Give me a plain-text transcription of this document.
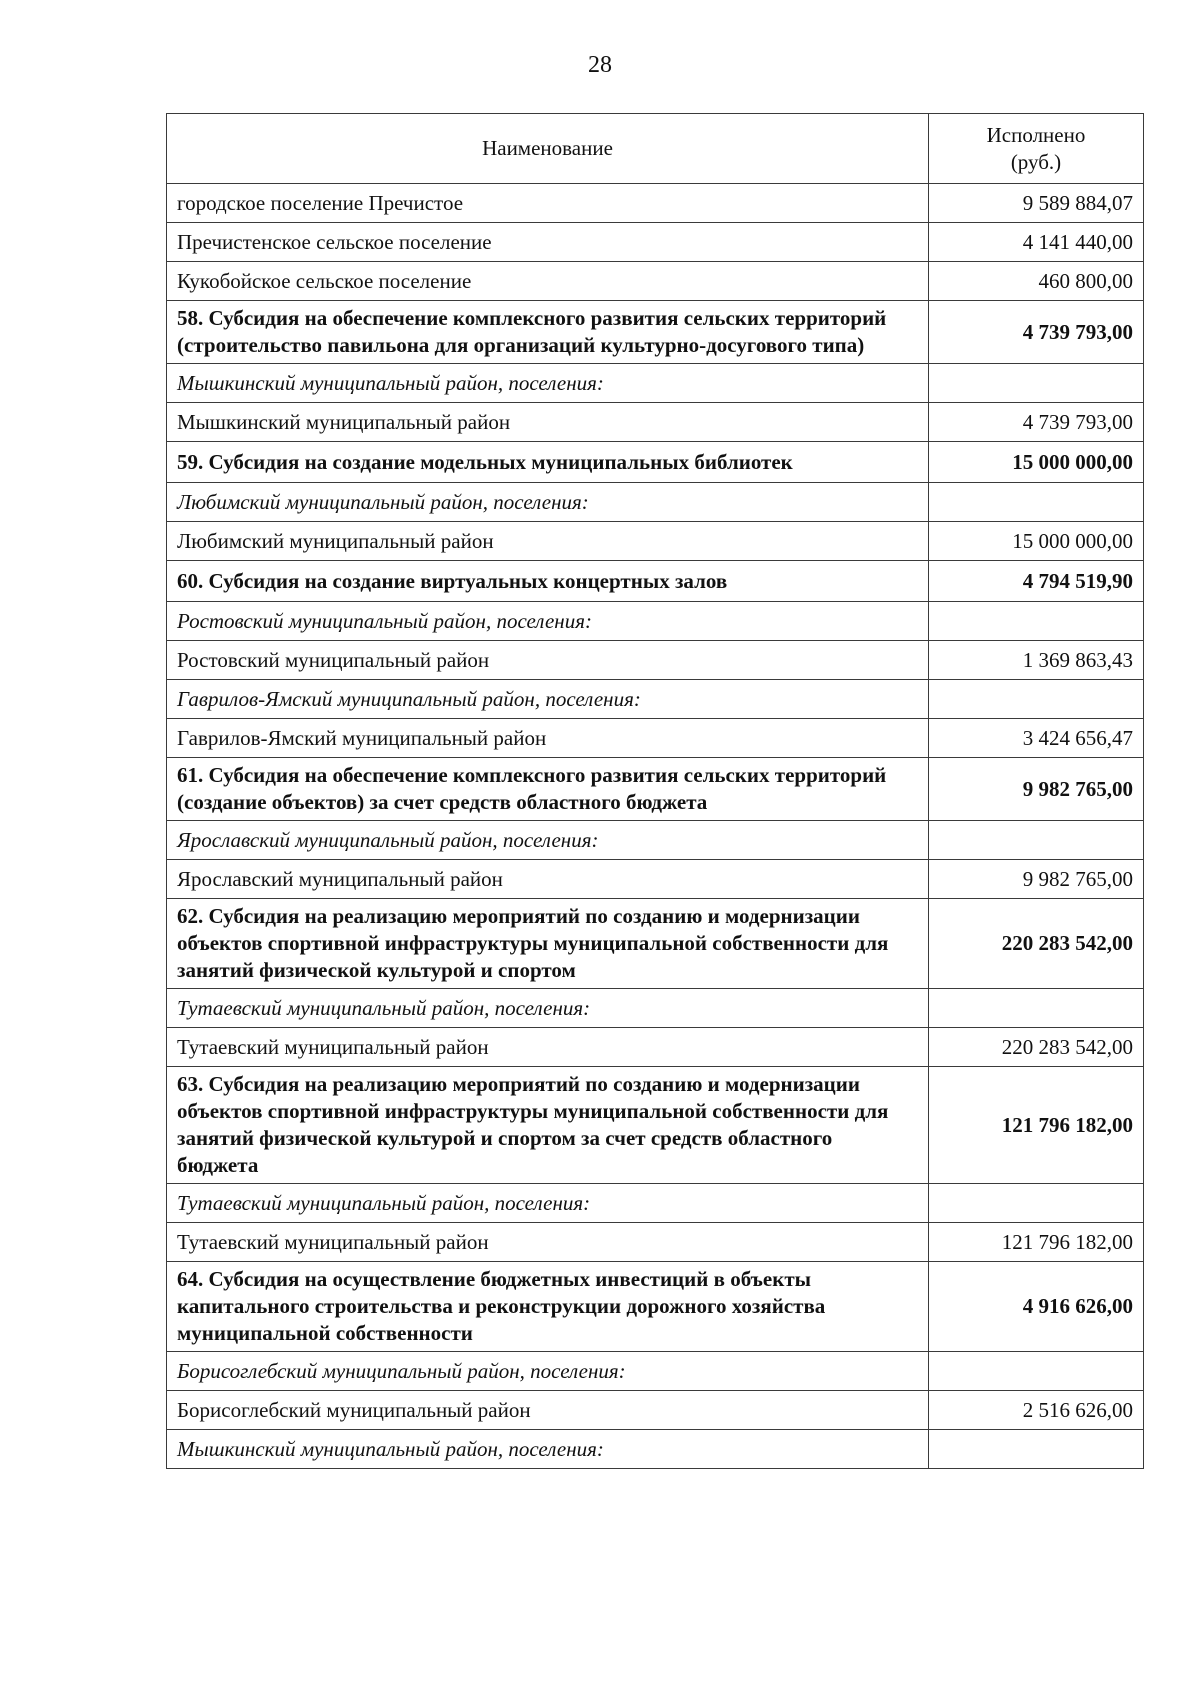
28
Наименование	Исполнено
(руб.)
городское поселение Пречистое	9 589 884,07
Пречистенское сельское поселение	4 141 440,00
Кукобойское сельское поселение	460 800,00
58. Субсидия на обеспечение комплексного развития сельских территорий (строительство павильона для организаций культурно-досугового типа)	4 739 793,00
Мышкинский муниципальный район, поселения:	
Мышкинский муниципальный район	4 739 793,00
59. Субсидия на создание модельных муниципальных библиотек	15 000 000,00
Любимский муниципальный район, поселения:	
Любимский муниципальный район	15 000 000,00
60. Субсидия на создание виртуальных концертных залов	4 794 519,90
Ростовский муниципальный район, поселения:	
Ростовский муниципальный район	1 369 863,43
Гаврилов-Ямский муниципальный район, поселения:	
Гаврилов-Ямский муниципальный район	3 424 656,47
61. Субсидия на обеспечение комплексного развития сельских территорий (создание объектов) за счет средств областного бюджета	9 982 765,00
Ярославский муниципальный район, поселения:	
Ярославский муниципальный район	9 982 765,00
62. Субсидия на реализацию мероприятий по созданию и модернизации объектов спортивной инфраструктуры муниципальной собственности для занятий физической культурой и спортом	220 283 542,00
Тутаевский муниципальный район, поселения:	
Тутаевский муниципальный район	220 283 542,00
63. Субсидия на реализацию мероприятий по созданию и модернизации объектов спортивной инфраструктуры муниципальной собственности для занятий физической культурой и спортом за счет средств областного бюджета	121 796 182,00
Тутаевский муниципальный район, поселения:	
Тутаевский муниципальный район	121 796 182,00
64. Субсидия на осуществление бюджетных инвестиций в объекты капитального строительства и реконструкции дорожного хозяйства муниципальной собственности	4 916 626,00
Борисоглебский муниципальный район, поселения:	
Борисоглебский муниципальный район	2 516 626,00
Мышкинский муниципальный район, поселения:	
